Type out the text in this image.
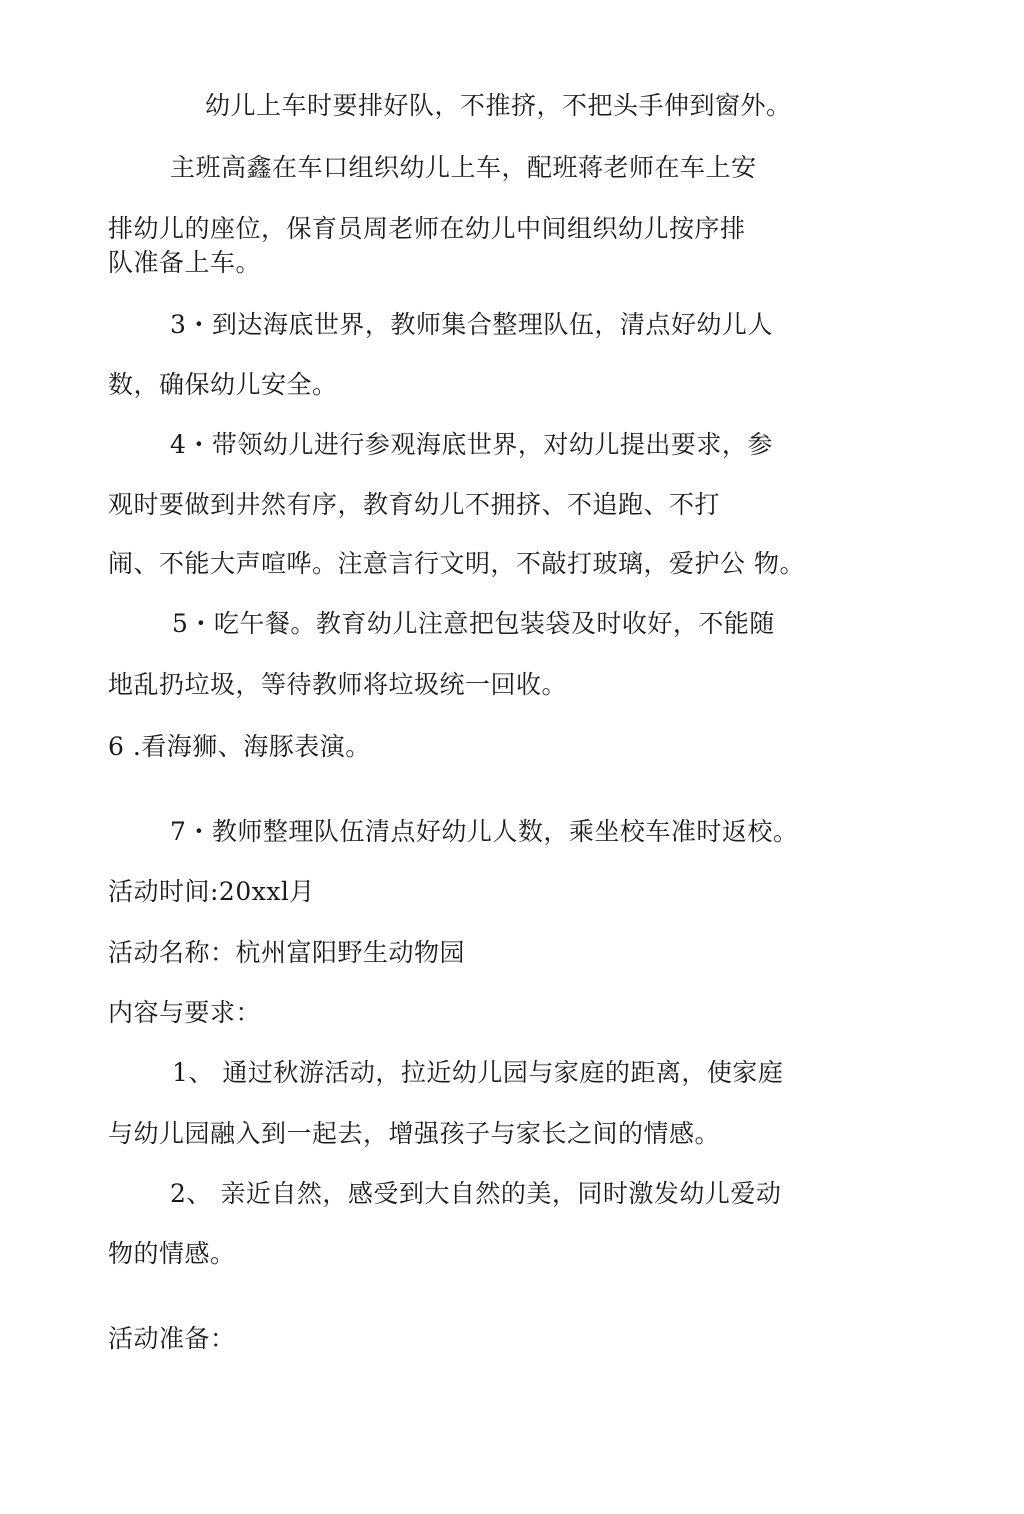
幼儿上车时要排好队，不推挤，不把头手伸到窗外。
主班高鑫在车口组织幼儿上车，配班蒋老师在车上安
排幼儿的座位，保育员周老师在幼儿中间组织幼儿按序排
队准备上车。
3・到达海底世界，教师集合整理队伍，清点好幼儿人
数，确保幼儿安全。
4・带领幼儿进行参观海底世界，对幼儿提出要求，参
观时要做到井然有序，教育幼儿不拥挤、不追跑、不打
闹、不能大声喧哗。注意言行文明，不敲打玻璃，爱护公 物。
5・吃午餐。教育幼儿注意把包装袋及时收好，不能随
地乱扔垃圾，等待教师将垃圾统一回收。
6 .看海狮、海豚表演。
7・教师整理队伍清点好幼儿人数，乘坐校车准时返校。
活动时间:20xxl月
活动名称：杭州富阳野生动物园
内容与要求：
1、 通过秋游活动，拉近幼儿园与家庭的距离，使家庭
与幼儿园融入到一起去，增强孩子与家长之间的情感。
2、 亲近自然，感受到大自然的美，同时激发幼儿爱动
物的情感。
活动准备：
